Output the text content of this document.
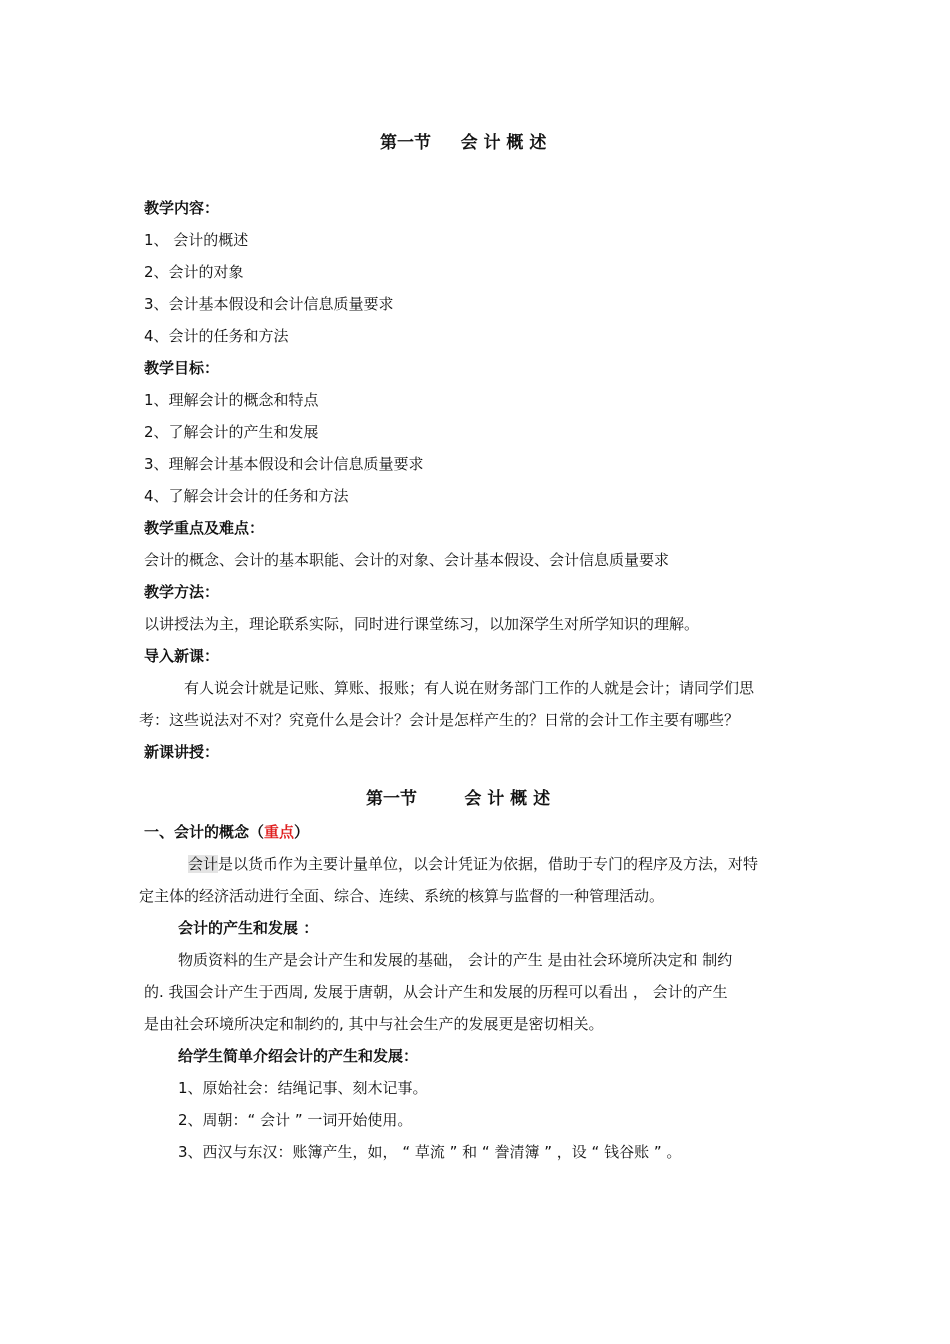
第一节     会 计 概 述
教学内容：
1、 会计的概述
2、会计的对象
3、会计基本假设和会计信息质量要求
4、会计的任务和方法
教学目标：
1、理解会计的概念和特点
2、了解会计的产生和发展
3、理解会计基本假设和会计信息质量要求
4、了解会计会计的任务和方法
教学重点及难点：
会计的概念、会计的基本职能、会计的对象、会计基本假设、会计信息质量要求
教学方法：
以讲授法为主，理论联系实际，同时进行课堂练习，以加深学生对所学知识的理解。
导入新课：
有人说会计就是记账、算账、报账；有人说在财务部门工作的人就是会计；请同学们思
考：这些说法对不对？究竟什么是会计？会计是怎样产生的？日常的会计工作主要有哪些？
新课讲授：
第一节        会 计 概 述
一、会计的概念（重点）
会计是以货币作为主要计量单位，以会计凭证为依据，借助于专门的程序及方法，对特
定主体的经济活动进行全面、综合、连续、系统的核算与监督的一种管理活动。
会计的产生和发展 ：
物质资料的生产是会计产生和发展的基础， 会计的产生 是由社会环境所决定和 制约
的. 我国会计产生于西周, 发展于唐朝，从会计产生和发展的历程可以看出 ， 会计的产生
是由社会环境所决定和制约的, 其中与社会生产的发展更是密切相关。
给学生简单介绍会计的产生和发展：
1、原始社会：结绳记事、刻木记事。
2、周朝：“ 会计 ” 一词开始使用。
3、西汉与东汉：账簿产生，如， “ 草流 ” 和 “ 誊清簿 ” ，设 “ 钱谷账 ” 。
